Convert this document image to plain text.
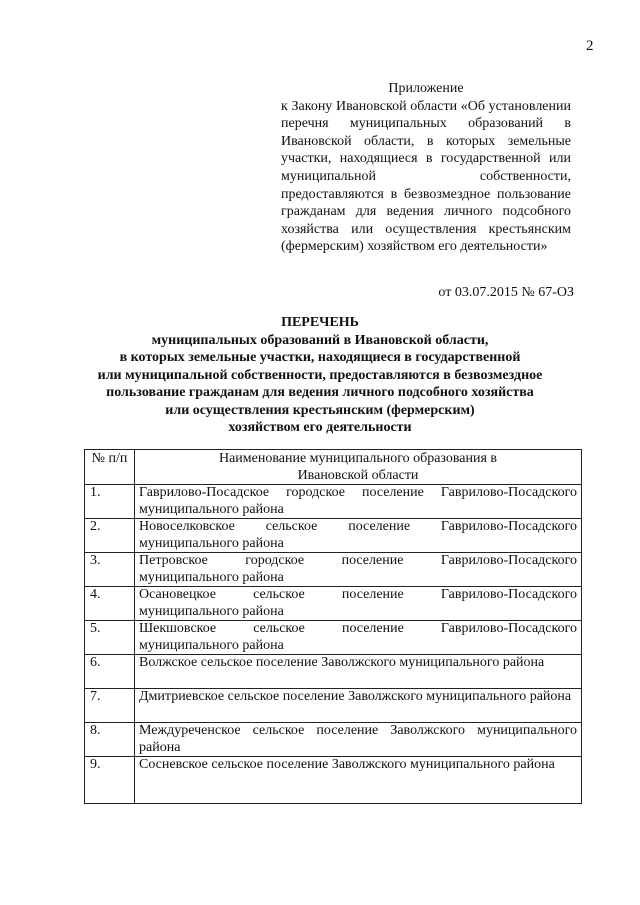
2
Приложение
к Закону Ивановской области «Об установлении перечня муниципальных образований в Ивановской области, в которых земельные участки, находящиеся в государственной или муниципальной собственности, предоставляются в безвозмездное пользование гражданам для ведения личного подсобного хозяйства или осуществления крестьянским (фермерским) хозяйством его деятельности»
от 03.07.2015 № 67-ОЗ
ПЕРЕЧЕНЬ
муниципальных образований в Ивановской области,
в которых земельные участки, находящиеся в государственной
или муниципальной собственности, предоставляются в безвозмездное
пользование гражданам для ведения личного подсобного хозяйства
или осуществления крестьянским (фермерским)
хозяйством его деятельности
№ п/п	Наименование муниципального образования в Ивановской области
1.	Гаврилово-Посадское городское поселение Гаврилово-Посадского муниципального района
2.	Новоселковское сельское поселение Гаврилово-Посадского муниципального района
3.	Петровское городское поселение Гаврилово-Посадского муниципального района
4.	Осановецкое сельское поселение Гаврилово-Посадского муниципального района
5.	Шекшовское сельское поселение Гаврилово-Посадского муниципального района
6.	Волжское сельское поселение Заволжского муниципального района
7.	Дмитриевское сельское поселение Заволжского муниципального района
8.	Междуреченское сельское поселение Заволжского муниципального района
9.	Сосневское сельское поселение Заволжского муниципального района
